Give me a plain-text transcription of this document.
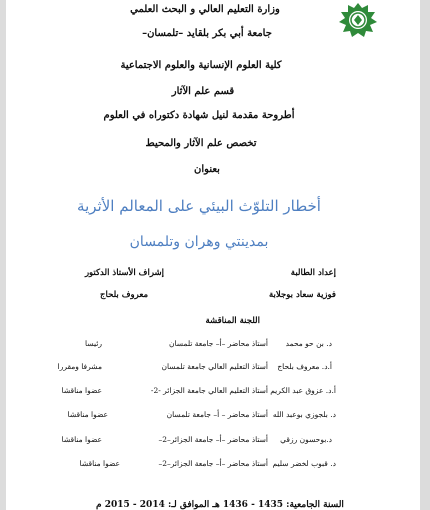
وزارة التعليم العالي و البحث العلمي
جامعة أبي بكر بلقايد –تلمسان–
كلية العلوم الإنسانية والعلوم الاجتماعية
قسم علم الآثار
أطروحة مقدمة لنيل شهادة دكتوراه في العلوم
تخصص علم الآثار والمحيط
بعنوان
أخطار التلوّث البيئي على المعالم الأثرية
بمدينتي وهران وتلمسان
إعداد الطالبة
فوزية سعاد بوجلابة
إشراف الأستاذ الدكتور
معروف بلحاج
اللجنة المناقشة
د. بن حو محمد
أستاذ محاضر –أ– جامعة تلمسان
رئيسا
أ.د. معروف بلحاج
أستاذ التعليم العالي جامعة تلمسان
مشرفا ومقررا
أ.د. عزوق عبد الكريم
أستاذ التعليم العالي جامعة الجزائر -2-
عضوا مناقشا
د. بلجوزي بوعبد الله
أستاذ محاضر – أ– جامعة تلمسان
عضوا مناقشا
د.بوحسون رزقي
أستاذ محاضر –أ– جامعة الجزائر–2–
عضوا مناقشا
د. قبوب لخضر سليم
أستاذ محاضر –أ– جامعة الجزائر–2–
عضوا مناقشا
السنة الجامعية: 1435 - 1436 هـ الموافق لـ: 2014 - 2015 م
